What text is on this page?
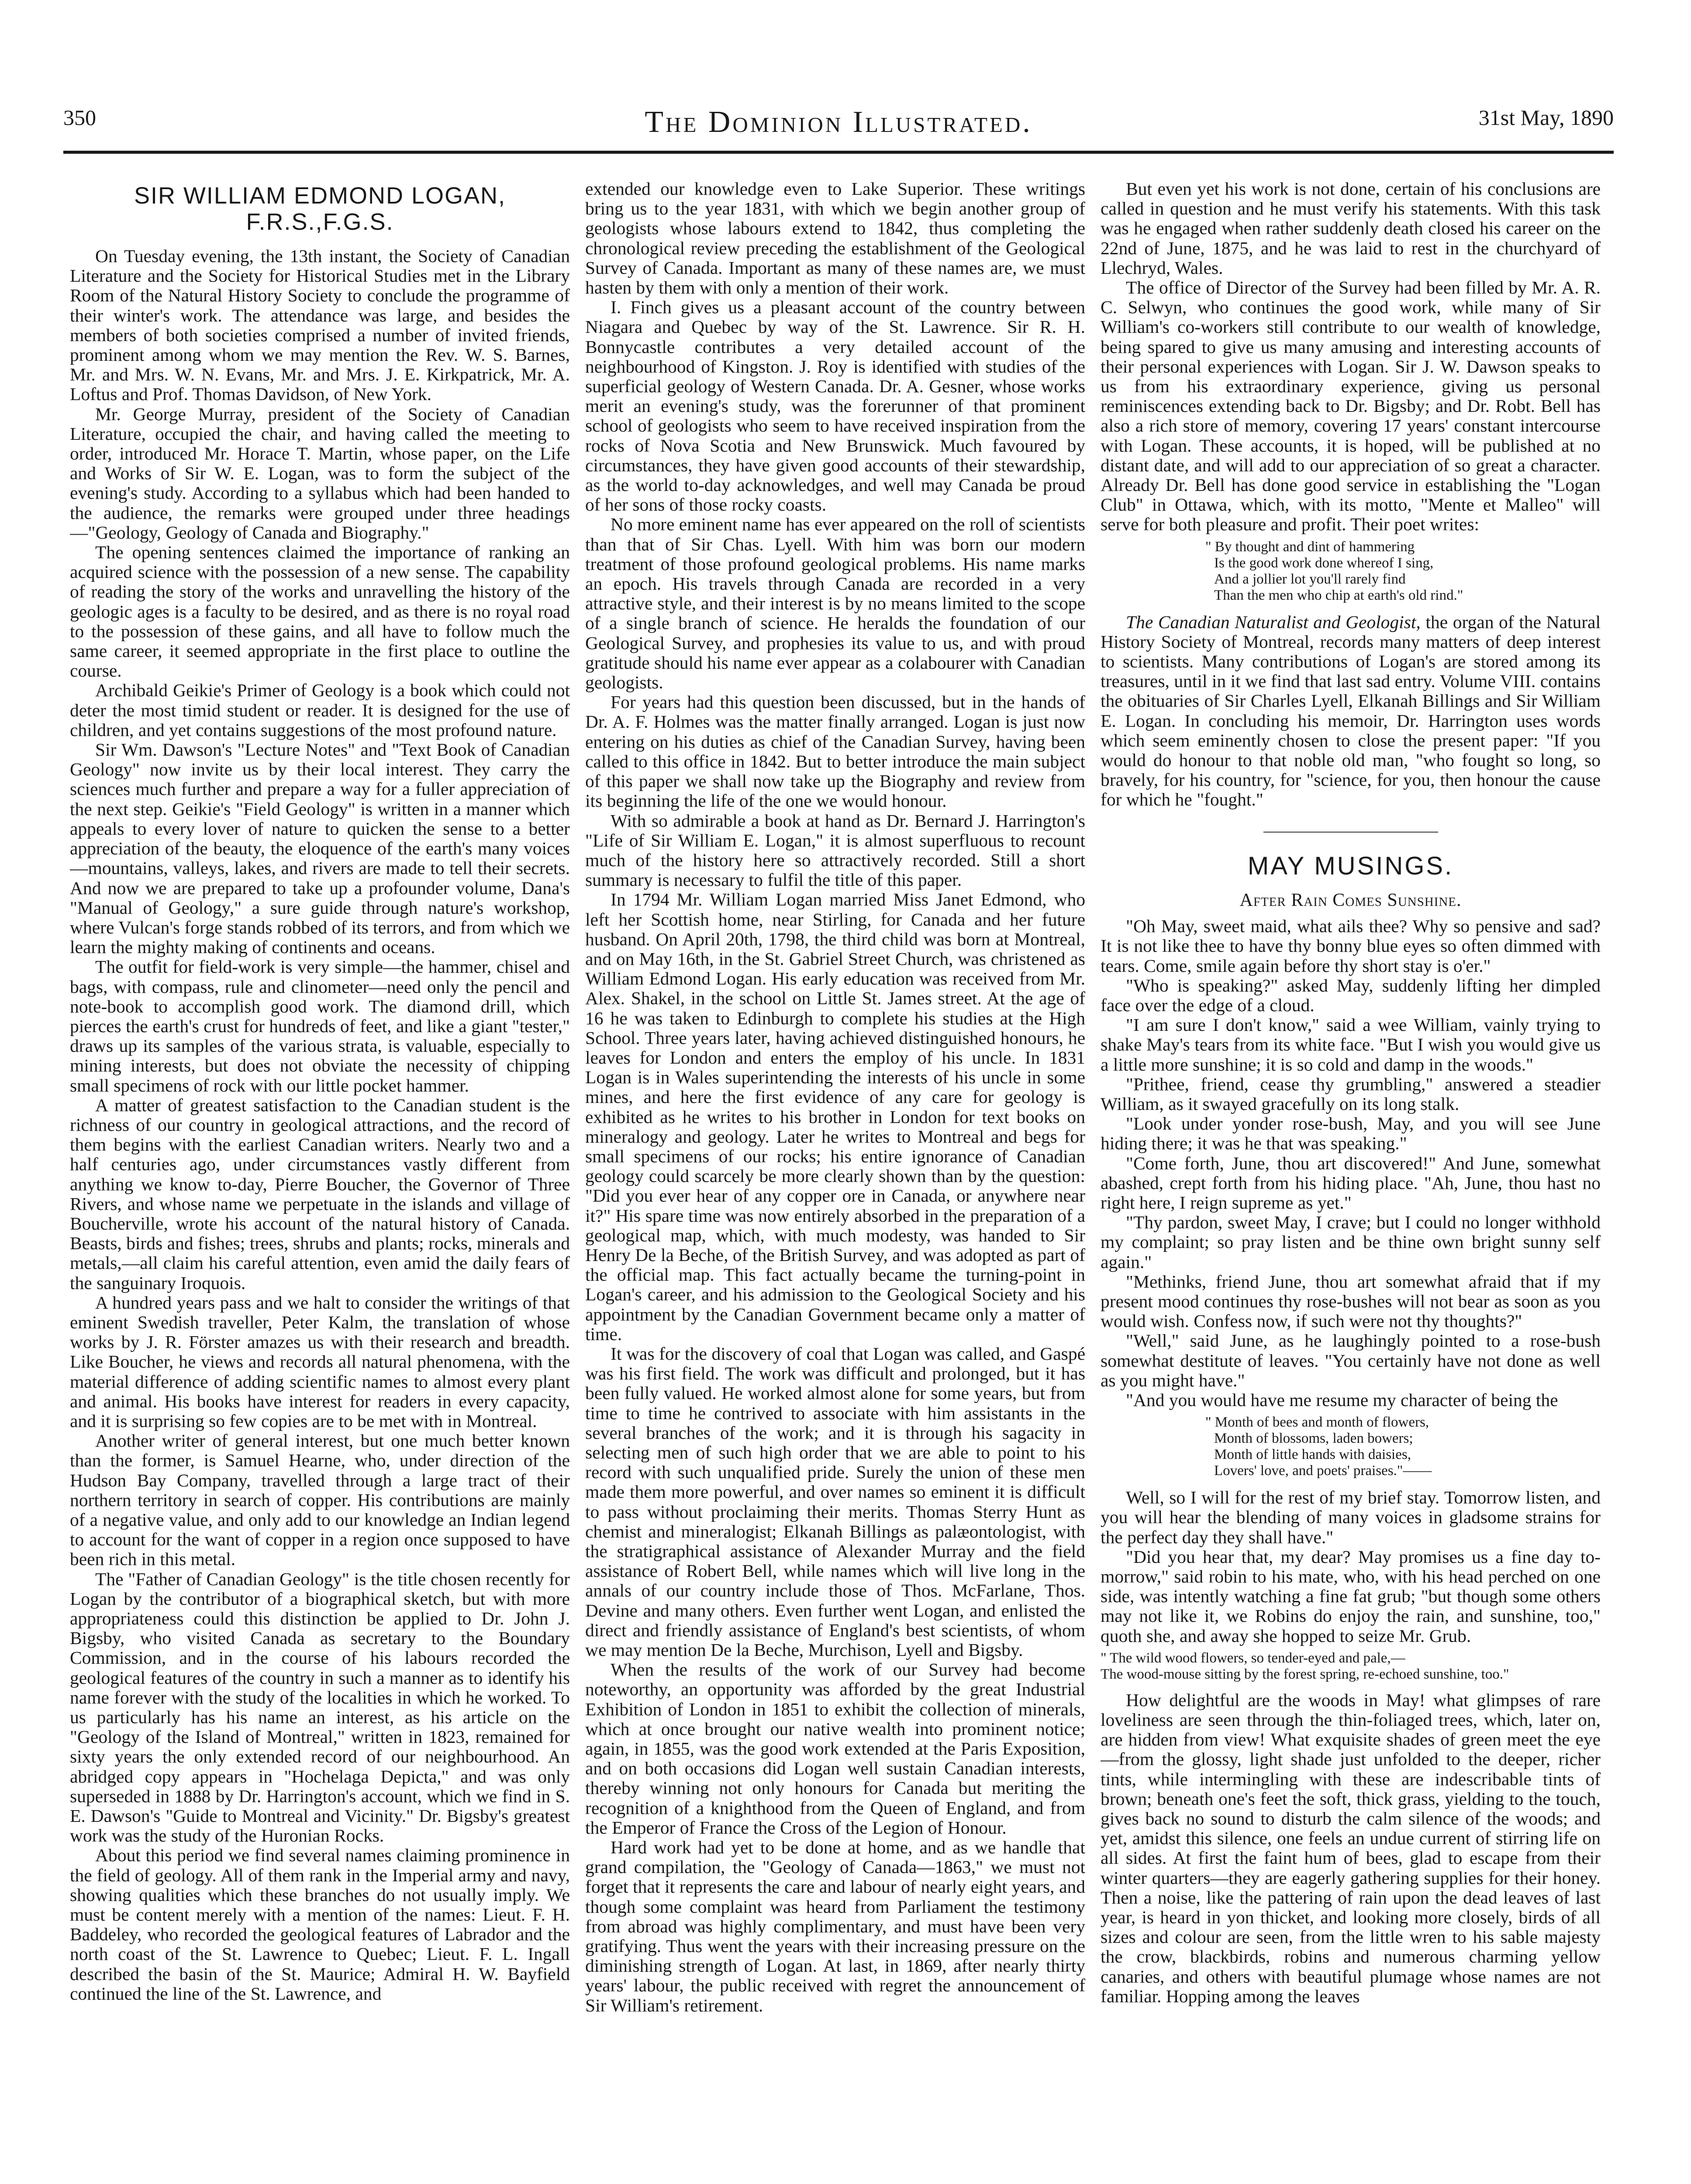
350	The Dominion Illustrated.	31st May, 1890
SIR WILLIAM EDMOND LOGAN,
F.R.S.,F.G.S.

On Tuesday evening, the 13th instant, the Society of Canadian Literature and the Society for Historical Studies met in the Library Room of the Natural History Society to conclude the programme of their winter's work. The attendance was large, and besides the members of both societies comprised a number of invited friends, prominent among whom we may mention the Rev. W. S. Barnes, Mr. and Mrs. W. N. Evans, Mr. and Mrs. J. E. Kirkpatrick, Mr. A. Loftus and Prof. Thomas Davidson, of New York.

Mr. George Murray, president of the Society of Canadian Literature, occupied the chair, and having called the meeting to order, introduced Mr. Horace T. Martin, whose paper, on the Life and Works of Sir W. E. Logan, was to form the subject of the evening's study. According to a syllabus which had been handed to the audience, the remarks were grouped under three headings—"Geology, Geology of Canada and Biography."

The opening sentences claimed the importance of ranking an acquired science with the possession of a new sense. The capability of reading the story of the works and unravelling the history of the geologic ages is a faculty to be desired, and as there is no royal road to the possession of these gains, and all have to follow much the same career, it seemed appropriate in the first place to outline the course.

Archibald Geikie's Primer of Geology is a book which could not deter the most timid student or reader. It is designed for the use of children, and yet contains suggestions of the most profound nature.

Sir Wm. Dawson's "Lecture Notes" and "Text Book of Canadian Geology" now invite us by their local interest. They carry the sciences much further and prepare a way for a fuller appreciation of the next step. Geikie's "Field Geology" is written in a manner which appeals to every lover of nature to quicken the sense to a better appreciation of the beauty, the eloquence of the earth's many voices—mountains, valleys, lakes, and rivers are made to tell their secrets. And now we are prepared to take up a profounder volume, Dana's "Manual of Geology," a sure guide through nature's workshop, where Vulcan's forge stands robbed of its terrors, and from which we learn the mighty making of continents and oceans.

The outfit for field-work is very simple—the hammer, chisel and bags, with compass, rule and clinometer—need only the pencil and note-book to accomplish good work. The diamond drill, which pierces the earth's crust for hundreds of feet, and like a giant "tester," draws up its samples of the various strata, is valuable, especially to mining interests, but does not obviate the necessity of chipping small specimens of rock with our little pocket hammer.

A matter of greatest satisfaction to the Canadian student is the richness of our country in geological attractions, and the record of them begins with the earliest Canadian writers. Nearly two and a half centuries ago, under circumstances vastly different from anything we know to-day, Pierre Boucher, the Governor of Three Rivers, and whose name we perpetuate in the islands and village of Boucherville, wrote his account of the natural history of Canada. Beasts, birds and fishes; trees, shrubs and plants; rocks, minerals and metals,—all claim his careful attention, even amid the daily fears of the sanguinary Iroquois.

A hundred years pass and we halt to consider the writings of that eminent Swedish traveller, Peter Kalm, the translation of whose works by J. R. Förster amazes us with their research and breadth. Like Boucher, he views and records all natural phenomena, with the material difference of adding scientific names to almost every plant and animal. His books have interest for readers in every capacity, and it is surprising so few copies are to be met with in Montreal.

Another writer of general interest, but one much better known than the former, is Samuel Hearne, who, under direction of the Hudson Bay Company, travelled through a large tract of their northern territory in search of copper. His contributions are mainly of a negative value, and only add to our knowledge an Indian legend to account for the want of copper in a region once supposed to have been rich in this metal.

The "Father of Canadian Geology" is the title chosen recently for Logan by the contributor of a biographical sketch, but with more appropriateness could this distinction be applied to Dr. John J. Bigsby, who visited Canada as secretary to the Boundary Commission, and in the course of his labours recorded the geological features of the country in such a manner as to identify his name forever with the study of the localities in which he worked. To us particularly has his name an interest, as his article on the "Geology of the Island of Montreal," written in 1823, remained for sixty years the only extended record of our neighbourhood. An abridged copy appears in "Hochelaga Depicta," and was only superseded in 1888 by Dr. Harrington's account, which we find in S. E. Dawson's "Guide to Montreal and Vicinity." Dr. Bigsby's greatest work was the study of the Huronian Rocks.

About this period we find several names claiming prominence in the field of geology. All of them rank in the Imperial army and navy, showing qualities which these branches do not usually imply. We must be content merely with a mention of the names: Lieut. F. H. Baddeley, who recorded the geological features of Labrador and the north coast of the St. Lawrence to Quebec; Lieut. F. L. Ingall described the basin of the St. Maurice; Admiral H. W. Bayfield continued the line of the St. Lawrence, and

extended our knowledge even to Lake Superior. These writings bring us to the year 1831, with which we begin another group of geologists whose labours extend to 1842, thus completing the chronological review preceding the establishment of the Geological Survey of Canada. Important as many of these names are, we must hasten by them with only a mention of their work.

I. Finch gives us a pleasant account of the country between Niagara and Quebec by way of the St. Lawrence. Sir R. H. Bonnycastle contributes a very detailed account of the neighbourhood of Kingston. J. Roy is identified with studies of the superficial geology of Western Canada. Dr. A. Gesner, whose works merit an evening's study, was the forerunner of that prominent school of geologists who seem to have received inspiration from the rocks of Nova Scotia and New Brunswick. Much favoured by circumstances, they have given good accounts of their stewardship, as the world to-day acknowledges, and well may Canada be proud of her sons of those rocky coasts.

No more eminent name has ever appeared on the roll of scientists than that of Sir Chas. Lyell. With him was born our modern treatment of those profound geological problems. His name marks an epoch. His travels through Canada are recorded in a very attractive style, and their interest is by no means limited to the scope of a single branch of science. He heralds the foundation of our Geological Survey, and prophesies its value to us, and with proud gratitude should his name ever appear as a colabourer with Canadian geologists.

For years had this question been discussed, but in the hands of Dr. A. F. Holmes was the matter finally arranged. Logan is just now entering on his duties as chief of the Canadian Survey, having been called to this office in 1842. But to better introduce the main subject of this paper we shall now take up the Biography and review from its beginning the life of the one we would honour.

With so admirable a book at hand as Dr. Bernard J. Harrington's "Life of Sir William E. Logan," it is almost superfluous to recount much of the history here so attractively recorded. Still a short summary is necessary to fulfil the title of this paper.

In 1794 Mr. William Logan married Miss Janet Edmond, who left her Scottish home, near Stirling, for Canada and her future husband. On April 20th, 1798, the third child was born at Montreal, and on May 16th, in the St. Gabriel Street Church, was christened as William Edmond Logan. His early education was received from Mr. Alex. Shakel, in the school on Little St. James street. At the age of 16 he was taken to Edinburgh to complete his studies at the High School. Three years later, having achieved distinguished honours, he leaves for London and enters the employ of his uncle. In 1831 Logan is in Wales superintending the interests of his uncle in some mines, and here the first evidence of any care for geology is exhibited as he writes to his brother in London for text books on mineralogy and geology. Later he writes to Montreal and begs for small specimens of our rocks; his entire ignorance of Canadian geology could scarcely be more clearly shown than by the question: "Did you ever hear of any copper ore in Canada, or anywhere near it?" His spare time was now entirely absorbed in the preparation of a geological map, which, with much modesty, was handed to Sir Henry De la Beche, of the British Survey, and was adopted as part of the official map. This fact actually became the turning-point in Logan's career, and his admission to the Geological Society and his appointment by the Canadian Government became only a matter of time.

It was for the discovery of coal that Logan was called, and Gaspé was his first field. The work was difficult and prolonged, but it has been fully valued. He worked almost alone for some years, but from time to time he contrived to associate with him assistants in the several branches of the work; and it is through his sagacity in selecting men of such high order that we are able to point to his record with such unqualified pride. Surely the union of these men made them more powerful, and over names so eminent it is difficult to pass without proclaiming their merits. Thomas Sterry Hunt as chemist and mineralogist; Elkanah Billings as palæontologist, with the stratigraphical assistance of Alexander Murray and the field assistance of Robert Bell, while names which will live long in the annals of our country include those of Thos. McFarlane, Thos. Devine and many others. Even further went Logan, and enlisted the direct and friendly assistance of England's best scientists, of whom we may mention De la Beche, Murchison, Lyell and Bigsby.

When the results of the work of our Survey had become noteworthy, an opportunity was afforded by the great Industrial Exhibition of London in 1851 to exhibit the collection of minerals, which at once brought our native wealth into prominent notice; again, in 1855, was the good work extended at the Paris Exposition, and on both occasions did Logan well sustain Canadian interests, thereby winning not only honours for Canada but meriting the recognition of a knighthood from the Queen of England, and from the Emperor of France the Cross of the Legion of Honour.

Hard work had yet to be done at home, and as we handle that grand compilation, the "Geology of Canada—1863," we must not forget that it represents the care and labour of nearly eight years, and though some complaint was heard from Parliament the testimony from abroad was highly complimentary, and must have been very gratifying. Thus went the years with their increasing pressure on the diminishing strength of Logan. At last, in 1869, after nearly thirty years' labour, the public received with regret the announcement of Sir William's retirement.

But even yet his work is not done, certain of his conclusions are called in question and he must verify his statements. With this task was he engaged when rather suddenly death closed his career on the 22nd of June, 1875, and he was laid to rest in the churchyard of Llechryd, Wales.

The office of Director of the Survey had been filled by Mr. A. R. C. Selwyn, who continues the good work, while many of Sir William's co-workers still contribute to our wealth of knowledge, being spared to give us many amusing and interesting accounts of their personal experiences with Logan. Sir J. W. Dawson speaks to us from his extraordinary experience, giving us personal reminiscences extending back to Dr. Bigsby; and Dr. Robt. Bell has also a rich store of memory, covering 17 years' constant intercourse with Logan. These accounts, it is hoped, will be published at no distant date, and will add to our appreciation of so great a character. Already Dr. Bell has done good service in establishing the "Logan Club" in Ottawa, which, with its motto, "Mente et Malleo" will serve for both pleasure and profit. Their poet writes:

" By thought and dint of hammering
Is the good work done whereof I sing,
And a jollier lot you'll rarely find
Than the men who chip at earth's old rind."

The Canadian Naturalist and Geologist, the organ of the Natural History Society of Montreal, records many matters of deep interest to scientists. Many contributions of Logan's are stored among its treasures, until in it we find that last sad entry. Volume VIII. contains the obituaries of Sir Charles Lyell, Elkanah Billings and Sir William E. Logan. In concluding his memoir, Dr. Harrington uses words which seem eminently chosen to close the present paper: "If you would do honour to that noble old man, "who fought so long, so bravely, for his country, for "science, for you, then honour the cause for which he "fought."

MAY MUSINGS.
After Rain Comes Sunshine.

"Oh May, sweet maid, what ails thee? Why so pensive and sad? It is not like thee to have thy bonny blue eyes so often dimmed with tears. Come, smile again before thy short stay is o'er."

"Who is speaking?" asked May, suddenly lifting her dimpled face over the edge of a cloud.

"I am sure I don't know," said a wee William, vainly trying to shake May's tears from its white face. "But I wish you would give us a little more sunshine; it is so cold and damp in the woods."

"Prithee, friend, cease thy grumbling," answered a steadier William, as it swayed gracefully on its long stalk.

"Look under yonder rose-bush, May, and you will see June hiding there; it was he that was speaking."

"Come forth, June, thou art discovered!" And June, somewhat abashed, crept forth from his hiding place. "Ah, June, thou hast no right here, I reign supreme as yet."

"Thy pardon, sweet May, I crave; but I could no longer withhold my complaint; so pray listen and be thine own bright sunny self again."

"Methinks, friend June, thou art somewhat afraid that if my present mood continues thy rose-bushes will not bear as soon as you would wish. Confess now, if such were not thy thoughts?"

"Well," said June, as he laughingly pointed to a rose-bush somewhat destitute of leaves. "You certainly have not done as well as you might have."

"And you would have me resume my character of being the

" Month of bees and month of flowers,
Month of blossoms, laden bowers;
Month of little hands with daisies,
Lovers' love, and poets' praises."——

Well, so I will for the rest of my brief stay. Tomorrow listen, and you will hear the blending of many voices in gladsome strains for the perfect day they shall have."

"Did you hear that, my dear? May promises us a fine day to-morrow," said robin to his mate, who, with his head perched on one side, was intently watching a fine fat grub; "but though some others may not like it, we Robins do enjoy the rain, and sunshine, too," quoth she, and away she hopped to seize Mr. Grub.

" The wild wood flowers, so tender-eyed and pale,—
The wood-mouse sitting by the forest spring, re-echoed sunshine, too."

How delightful are the woods in May! what glimpses of rare loveliness are seen through the thin-foliaged trees, which, later on, are hidden from view! What exquisite shades of green meet the eye—from the glossy, light shade just unfolded to the deeper, richer tints, while intermingling with these are indescribable tints of brown; beneath one's feet the soft, thick grass, yielding to the touch, gives back no sound to disturb the calm silence of the woods; and yet, amidst this silence, one feels an undue current of stirring life on all sides. At first the faint hum of bees, glad to escape from their winter quarters—they are eagerly gathering supplies for their honey. Then a noise, like the pattering of rain upon the dead leaves of last year, is heard in yon thicket, and looking more closely, birds of all sizes and colour are seen, from the little wren to his sable majesty the crow, blackbirds, robins and numerous charming yellow canaries, and others with beautiful plumage whose names are not familiar. Hopping among the leaves
